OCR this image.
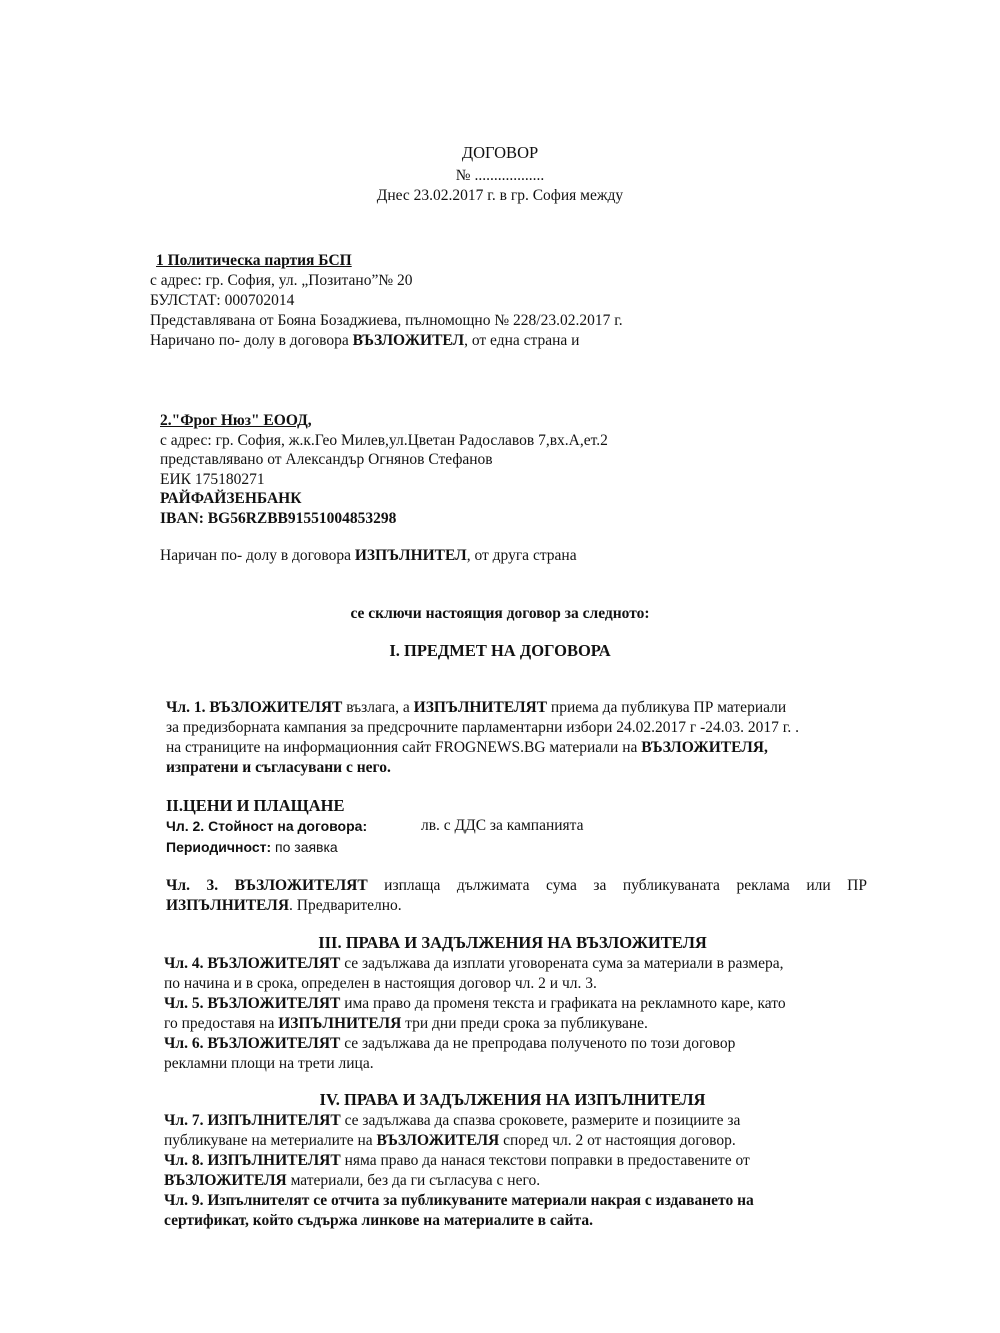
ДОГОВОР
№ ..................
Днес 23.02.2017 г. в гр. София между
1 Политическа партия БСП
с адрес: гр. София, ул. „Позитано”№ 20
БУЛСТАТ: 000702014
Представлявана от Бояна Бозаджиева, пълномощно № 228/23.02.2017 г.
Наричано по- долу в договора ВЪЗЛОЖИТЕЛ, от една страна и
2."Фрог Нюз" ЕООД,
с адрес: гр. София, ж.к.Гео Милев,ул.Цветан Радославов 7,вх.А,ет.2
представлявано от Александър Огнянов Стефанов
ЕИК 175180271
РАЙФАЙЗЕНБАНК
IBAN: BG56RZBB91551004853298
Наричан по- долу в договора ИЗПЪЛНИТЕЛ, от друга страна
се сключи настоящия договор за следното:
I. ПРЕДМЕТ НА ДОГОВОРА
Чл. 1. ВЪЗЛОЖИТЕЛЯТ възлага, а ИЗПЪЛНИТЕЛЯТ приема да публикува ПР материали
за предизборната кампания за предсрочните парламентарни избори 24.02.2017 г -24.03. 2017 г. .
на страниците на информационния сайт FROGNEWS.BG материали на ВЪЗЛОЖИТЕЛЯ,
изпратени и съгласувани с него.
II.ЦЕНИ И ПЛАЩАНЕ
Чл. 2. Стойност на договора:	лв. с ДДС за кампанията
Периодичност: по заявка
Чл. 3. ВЪЗЛОЖИТЕЛЯТ изплаща дължимата сума за публикуваната реклама или ПР
ИЗПЪЛНИТЕЛЯ. Предварително.
III. ПРАВА И ЗАДЪЛЖЕНИЯ НА ВЪЗЛОЖИТЕЛЯ
Чл. 4. ВЪЗЛОЖИТЕЛЯТ се задължава да изплати уговорената сума за материали в размера,
по начина и в срока, определен в настоящия договор чл. 2 и чл. 3.
Чл. 5. ВЪЗЛОЖИТЕЛЯТ има право да променя текста и графиката на рекламното каре, като
го предоставя на ИЗПЪЛНИТЕЛЯ три дни преди срока за публикуване.
Чл. 6. ВЪЗЛОЖИТЕЛЯТ се задължава да не препродава полученото по този договор
рекламни площи на трети лица.
IV. ПРАВА И ЗАДЪЛЖЕНИЯ НА ИЗПЪЛНИТЕЛЯ
Чл. 7. ИЗПЪЛНИТЕЛЯТ се задължава да спазва сроковете, размерите и позициите за
публикуване на метериалите на ВЪЗЛОЖИТЕЛЯ според чл. 2 от настоящия договор.
Чл. 8. ИЗПЪЛНИТЕЛЯТ няма право да нанася текстови поправки в предоставените от
ВЪЗЛОЖИТЕЛЯ материали, без да ги съгласува с него.
Чл. 9. Изпълнителят се отчита за публикуваните материали накрая с издаването на
сертификат, който съдържа линкове на материалите в сайта.
